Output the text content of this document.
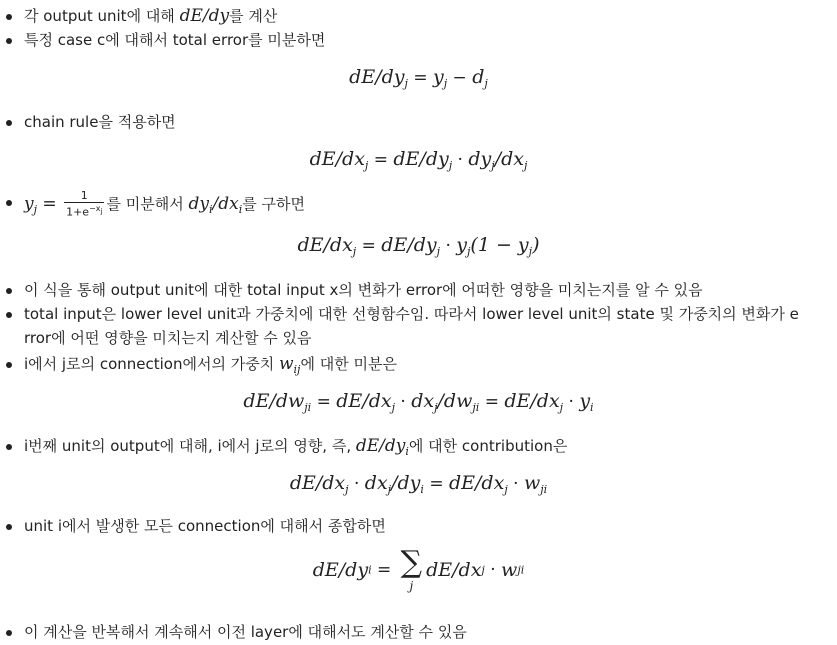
각 output unit에 대해 dE/dy를 계산
특정 case c에 대해서 total error를 미분하면
$dE/dy_j = y_j - d_j$
chain rule을 적용하면
$dE/dx_j = dE/dy_j \cdot dy_j/dx_j$
$y_j = \frac{1}{1+e^{-x_j}}$ 를 미분해서 $dy_i/dx_i$를 구하면
$dE/dx_j = dE/dy_j \cdot y_j(1 - y_j)$
이 식을 통해 output unit에 대한 total input x의 변화가 error에 어떠한 영향을 미치는지를 알 수 있음
total input은 lower level unit과 가중치에 대한 선형함수임. 따라서 lower level unit의 state 및 가중치의 변화가 error에 어떤 영향을 미치는지 계산할 수 있음
i에서 j로의 connection에서의 가중치 $w_{ij}$에 대한 미분은
$dE/dw_{ji} = dE/dx_j \cdot dx_j/dw_{ji} = dE/dx_j \cdot y_i$
i번째 unit의 output에 대해, i에서 j로의 영향, 즉, $dE/dy_i$에 대한 contribution은
$dE/dx_j \cdot dx_j/dy_i = dE/dx_j \cdot w_{ji}$
unit i에서 발생한 모든 connection에 대해서 종합하면
dE/dyi = ∑
j
dE/dxj · wji
이 계산을 반복해서 계속해서 이전 layer에 대해서도 계산할 수 있음
